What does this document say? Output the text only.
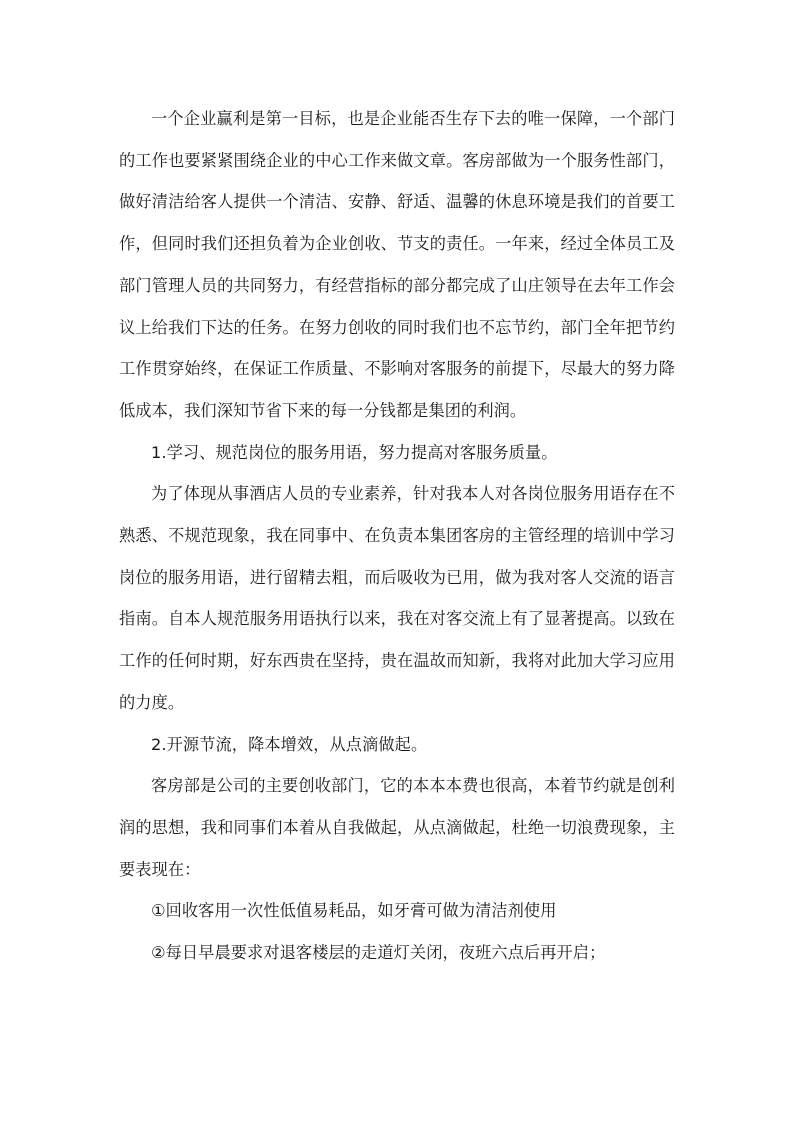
一个企业赢利是第一目标，也是企业能否生存下去的唯一保障，一个部门的工作也要紧紧围绕企业的中心工作来做文章。客房部做为一个服务性部门，做好清洁给客人提供一个清洁、安静、舒适、温馨的休息环境是我们的首要工作，但同时我们还担负着为企业创收、节支的责任。一年来，经过全体员工及部门管理人员的共同努力，有经营指标的部分都完成了山庄领导在去年工作会议上给我们下达的任务。在努力创收的同时我们也不忘节约，部门全年把节约工作贯穿始终，在保证工作质量、不影响对客服务的前提下，尽最大的努力降低成本，我们深知节省下来的每一分钱都是集团的利润。

1.学习、规范岗位的服务用语，努力提高对客服务质量。

为了体现从事酒店人员的专业素养，针对我本人对各岗位服务用语存在不熟悉、不规范现象，我在同事中、在负责本集团客房的主管经理的培训中学习岗位的服务用语，进行留精去粗，而后吸收为已用，做为我对客人交流的语言指南。自本人规范服务用语执行以来，我在对客交流上有了显著提高。以致在工作的任何时期，好东西贵在坚持，贵在温故而知新，我将对此加大学习应用的力度。

2.开源节流，降本增效，从点滴做起。

客房部是公司的主要创收部门，它的本本本费也很高，本着节约就是创利润的思想，我和同事们本着从自我做起，从点滴做起，杜绝一切浪费现象，主要表现在：

①回收客用一次性低值易耗品，如牙膏可做为清洁剂使用

②每日早晨要求对退客楼层的走道灯关闭，夜班六点后再开启；
